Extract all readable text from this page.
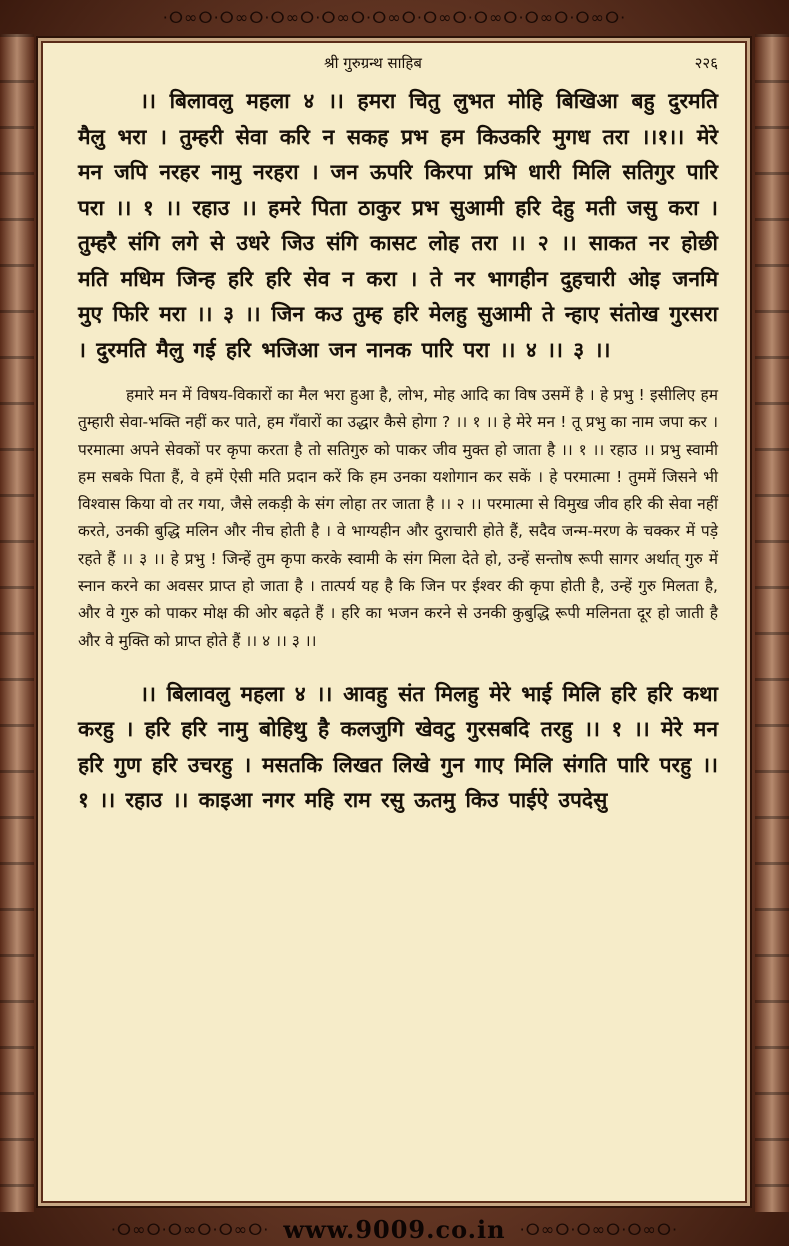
·ⵔ∞ⵔ·ⵔ∞ⵔ·ⵔ∞ⵔ·ⵔ∞ⵔ·ⵔ∞ⵔ·ⵔ∞ⵔ·ⵔ∞ⵔ·ⵔ∞ⵔ·ⵔ∞ⵔ·
·ⵔ∞ⵔ·ⵔ∞ⵔ·ⵔ∞ⵔ· www.9009.co.in ·ⵔ∞ⵔ·ⵔ∞ⵔ·ⵔ∞ⵔ·
श्री गुरुग्रन्थ साहिब	२२६
।। बिलावलु महला ४ ।। हमरा चितु लुभत मोहि बिखिआ बहु दुरमति मैलु भरा । तुम्हरी सेवा करि न सकह प्रभ हम किउकरि मुगध तरा ।।१।। मेरे मन जपि नरहर नामु नरहरा । जन ऊपरि किरपा प्रभि धारी मिलि सतिगुर पारि परा ।। १ ।। रहाउ ।। हमरे पिता ठाकुर प्रभ सुआमी हरि देहु मती जसु करा । तुम्हरै संगि लगे से उधरे जिउ संगि कासट लोह तरा ।। २ ।। साकत नर होछी मति मधिम जिन्ह हरि हरि सेव न करा । ते नर भागहीन दुहचारी ओइ जनमि मुए फिरि मरा ।। ३ ।। जिन कउ तुम्ह हरि मेलहु सुआमी ते न्हाए संतोख गुरसरा । दुरमति मैलु गई हरि भजिआ जन नानक पारि परा ।। ४ ।। ३ ।।
हमारे मन में विषय-विकारों का मैल भरा हुआ है, लोभ, मोह आदि का विष उसमें है । हे प्रभु ! इसीलिए हम तुम्हारी सेवा-भक्ति नहीं कर पाते, हम गँवारों का उद्धार कैसे होगा ? ।। १ ।। हे मेरे मन ! तू प्रभु का नाम जपा कर । परमात्मा अपने सेवकों पर कृपा करता है तो सतिगुरु को पाकर जीव मुक्त हो जाता है ।। १ ।। रहाउ ।। प्रभु स्वामी हम सबके पिता हैं, वे हमें ऐसी मति प्रदान करें कि हम उनका यशोगान कर सकें । हे परमात्मा ! तुममें जिसने भी विश्वास किया वो तर गया, जैसे लकड़ी के संग लोहा तर जाता है ।। २ ।। परमात्मा से विमुख जीव हरि की सेवा नहीं करते, उनकी बुद्धि मलिन और नीच होती है । वे भाग्यहीन और दुराचारी होते हैं, सदैव जन्म-मरण के चक्कर में पड़े रहते हैं ।। ३ ।। हे प्रभु ! जिन्हें तुम कृपा करके स्वामी के संग मिला देते हो, उन्हें सन्तोष रूपी सागर अर्थात् गुरु में स्नान करने का अवसर प्राप्त हो जाता है । तात्पर्य यह है कि जिन पर ईश्वर की कृपा होती है, उन्हें गुरु मिलता है, और वे गुरु को पाकर मोक्ष की ओर बढ़ते हैं । हरि का भजन करने से उनकी कुबुद्धि रूपी मलिनता दूर हो जाती है और वे मुक्ति को प्राप्त होते हैं ।। ४ ।। ३ ।।
।। बिलावलु महला ४ ।। आवहु संत मिलहु मेरे भाई मिलि हरि हरि कथा करहु । हरि हरि नामु बोहिथु है कलजुगि खेवटु गुरसबदि तरहु ।। १ ।। मेरे मन हरि गुण हरि उचरहु । मसतकि लिखत लिखे गुन गाए मिलि संगति पारि परहु ।। १ ।। रहाउ ।। काइआ नगर महि राम रसु ऊतमु किउ पाईऐ उपदेसु
